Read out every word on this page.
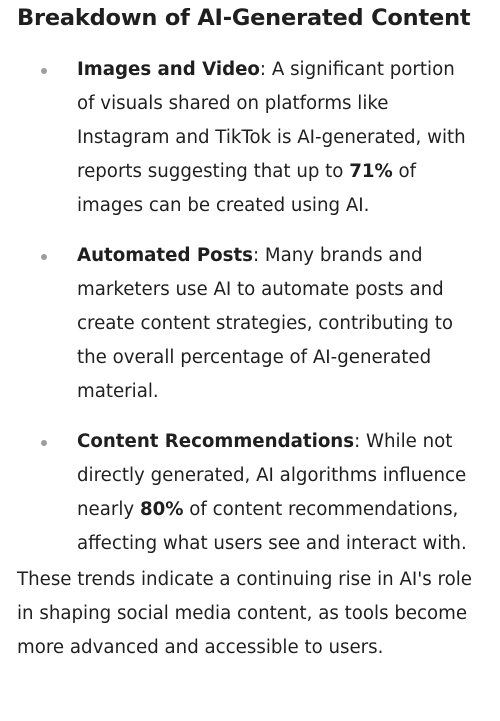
Breakdown of AI-Generated Content
Images and Video: A significant portion of visuals shared on platforms like Instagram and TikTok is AI-generated, with reports suggesting that up to 71% of images can be created using AI.
Automated Posts: Many brands and marketers use AI to automate posts and create content strategies, contributing to the overall percentage of AI-generated material.
Content Recommendations: While not directly generated, AI algorithms influence nearly 80% of content recommendations, affecting what users see and interact with.

These trends indicate a continuing rise in AI's role in shaping social media content, as tools become more advanced and accessible to users.
